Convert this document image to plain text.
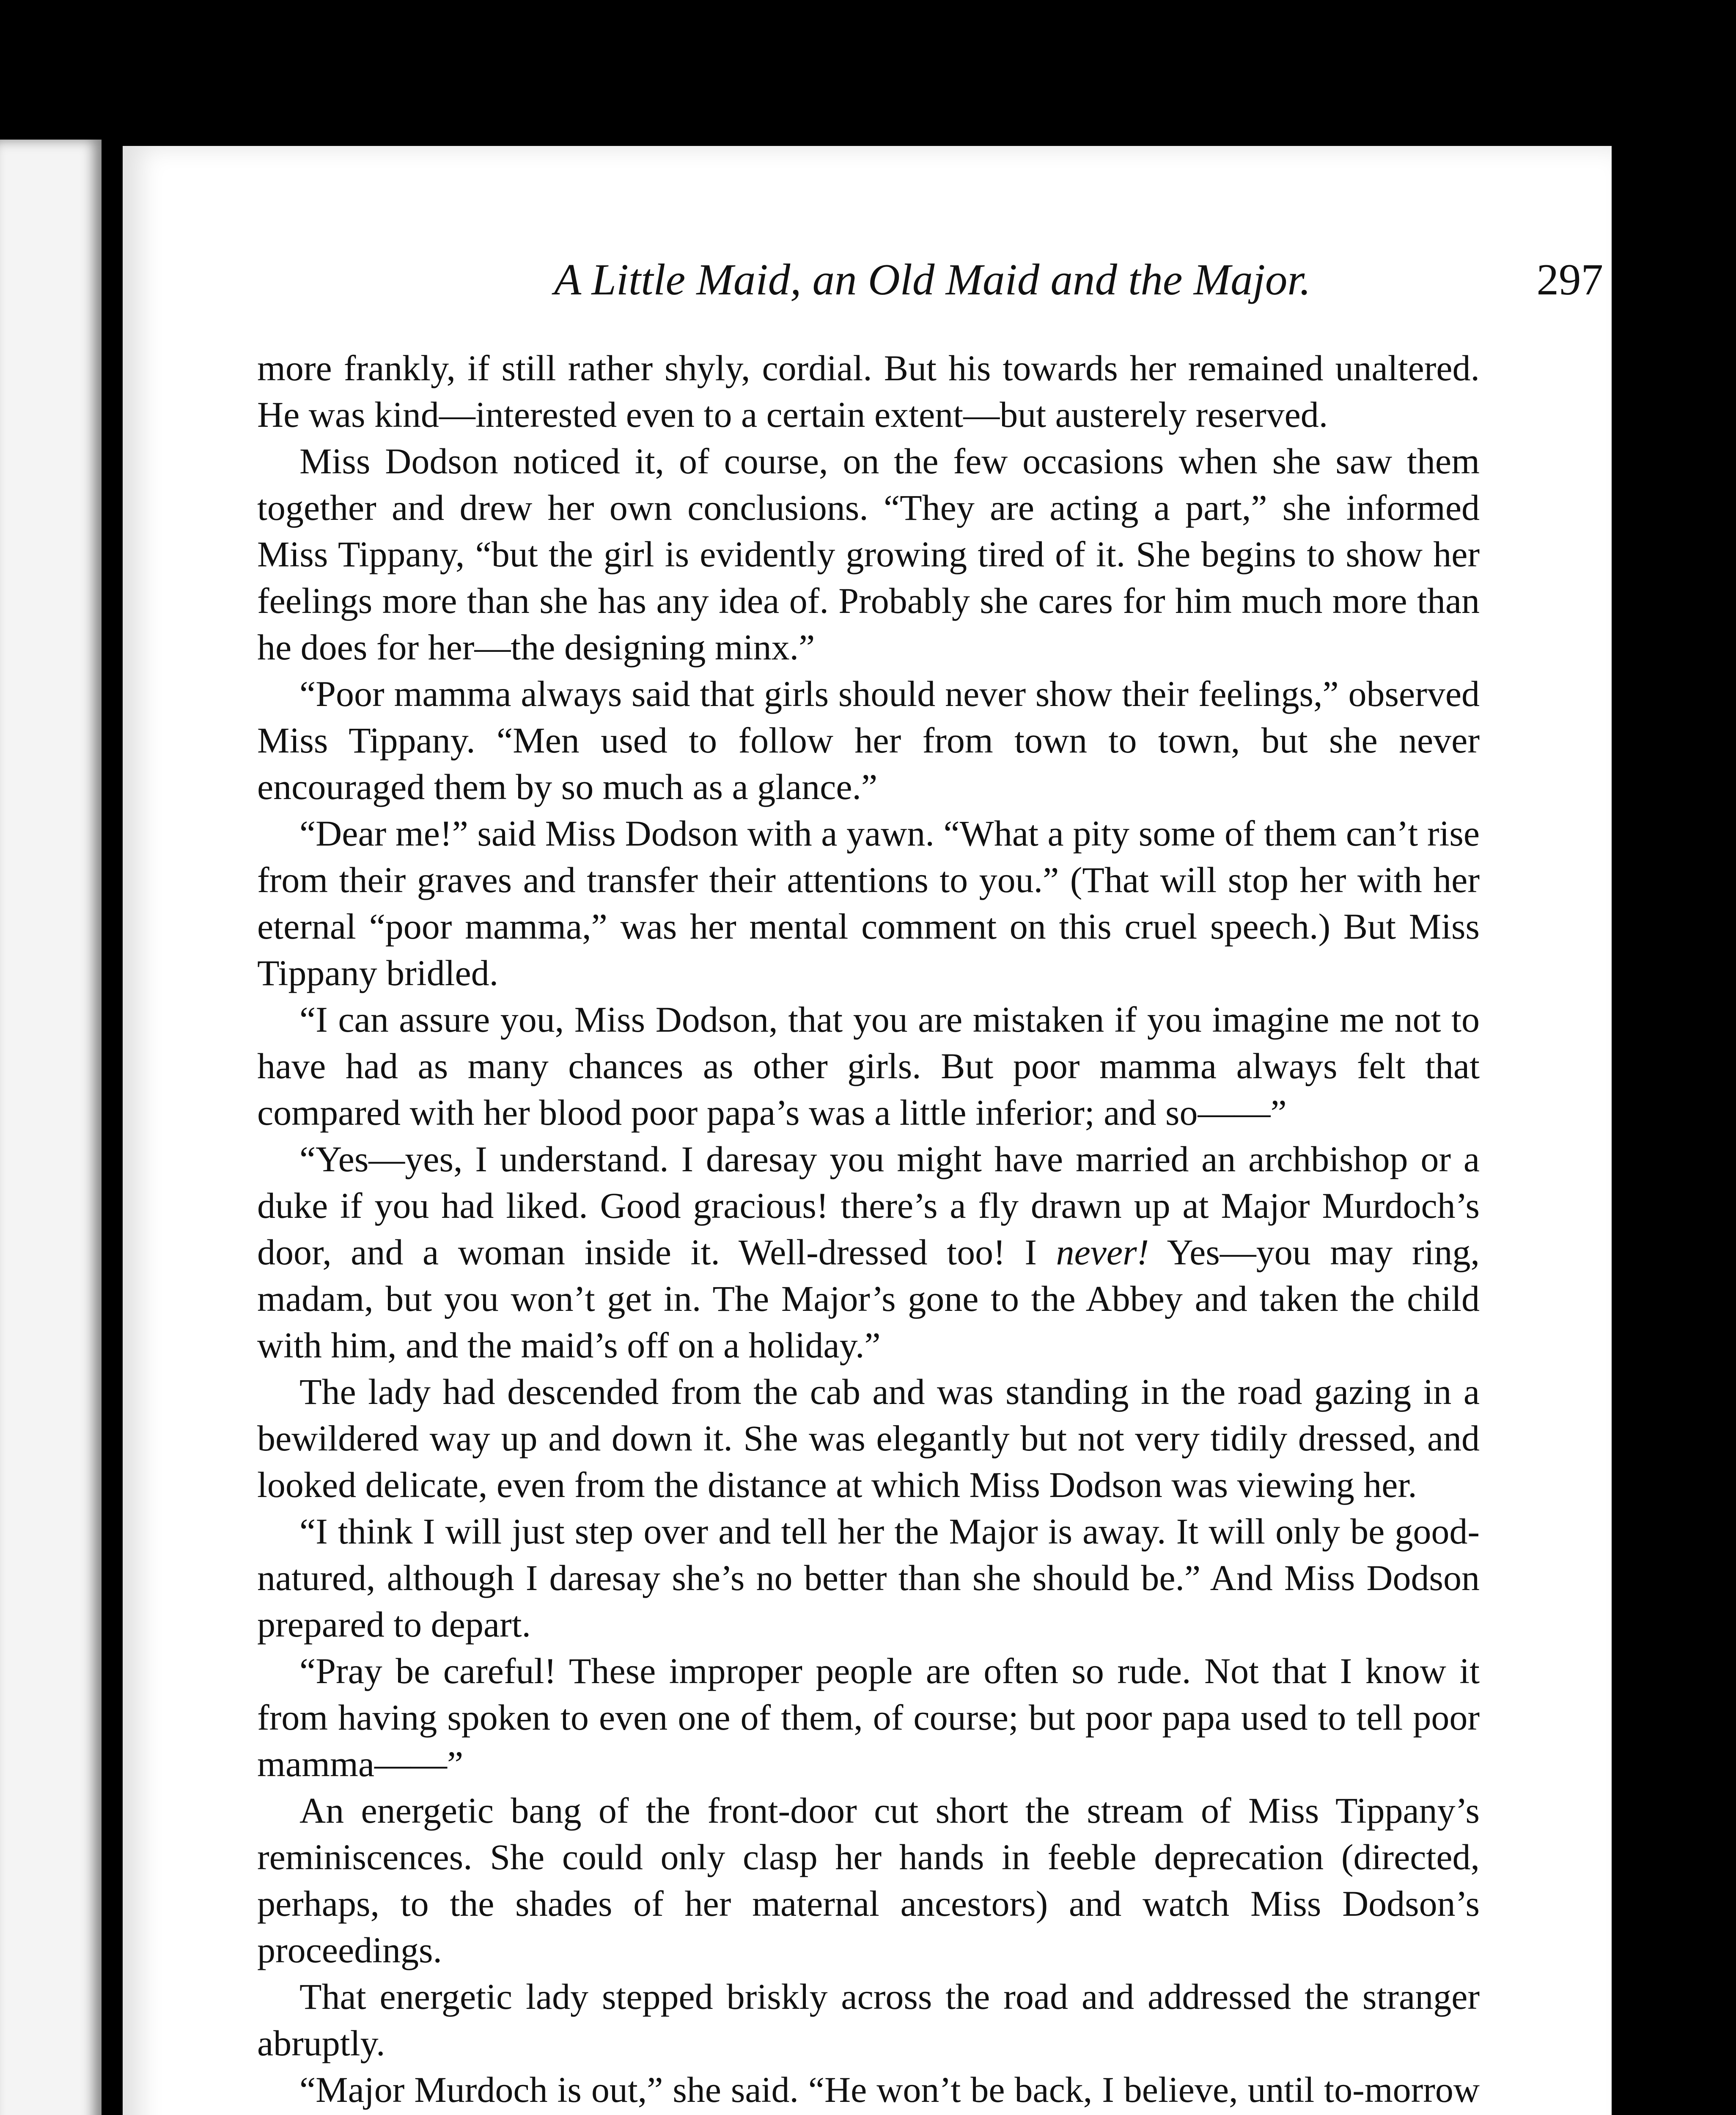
A Little Maid, an Old Maid and the Major.	297

more frankly, if still rather shyly, cordial. But his towards her remained unaltered. He was kind—interested even to a certain extent—but austerely reserved.

Miss Dodson noticed it, of course, on the few occasions when she saw them together and drew her own conclusions. “They are acting a part,” she informed Miss Tippany, “but the girl is evidently growing tired of it. She begins to show her feelings more than she has any idea of. Probably she cares for him much more than he does for her—the designing minx.”

“Poor mamma always said that girls should never show their feelings,” observed Miss Tippany. “Men used to follow her from town to town, but she never encouraged them by so much as a glance.”

“Dear me!” said Miss Dodson with a yawn. “What a pity some of them can’t rise from their graves and transfer their attentions to you.” (That will stop her with her eternal “poor mamma,” was her mental comment on this cruel speech.) But Miss Tippany bridled.

“I can assure you, Miss Dodson, that you are mistaken if you imagine me not to have had as many chances as other girls. But poor mamma always felt that compared with her blood poor papa’s was a little inferior; and so——”

“Yes—yes, I understand. I daresay you might have married an archbishop or a duke if you had liked. Good gracious! there’s a fly drawn up at Major Murdoch’s door, and a woman inside it. Well-dressed too! I never! Yes—you may ring, madam, but you won’t get in. The Major’s gone to the Abbey and taken the child with him, and the maid’s off on a holiday.”

The lady had descended from the cab and was standing in the road gazing in a bewildered way up and down it. She was elegantly but not very tidily dressed, and looked delicate, even from the distance at which Miss Dodson was viewing her.

“I think I will just step over and tell her the Major is away. It will only be good-natured, although I daresay she’s no better than she should be.” And Miss Dodson prepared to depart.

“Pray be careful! These improper people are often so rude. Not that I know it from having spoken to even one of them, of course; but poor papa used to tell poor mamma——”

An energetic bang of the front-door cut short the stream of Miss Tippany’s reminiscences. She could only clasp her hands in feeble deprecation (directed, perhaps, to the shades of her maternal ancestors) and watch Miss Dodson’s proceedings.

That energetic lady stepped briskly across the road and addressed the stranger abruptly.

“Major Murdoch is out,” she said. “He won’t be back, I believe, until to-morrow
